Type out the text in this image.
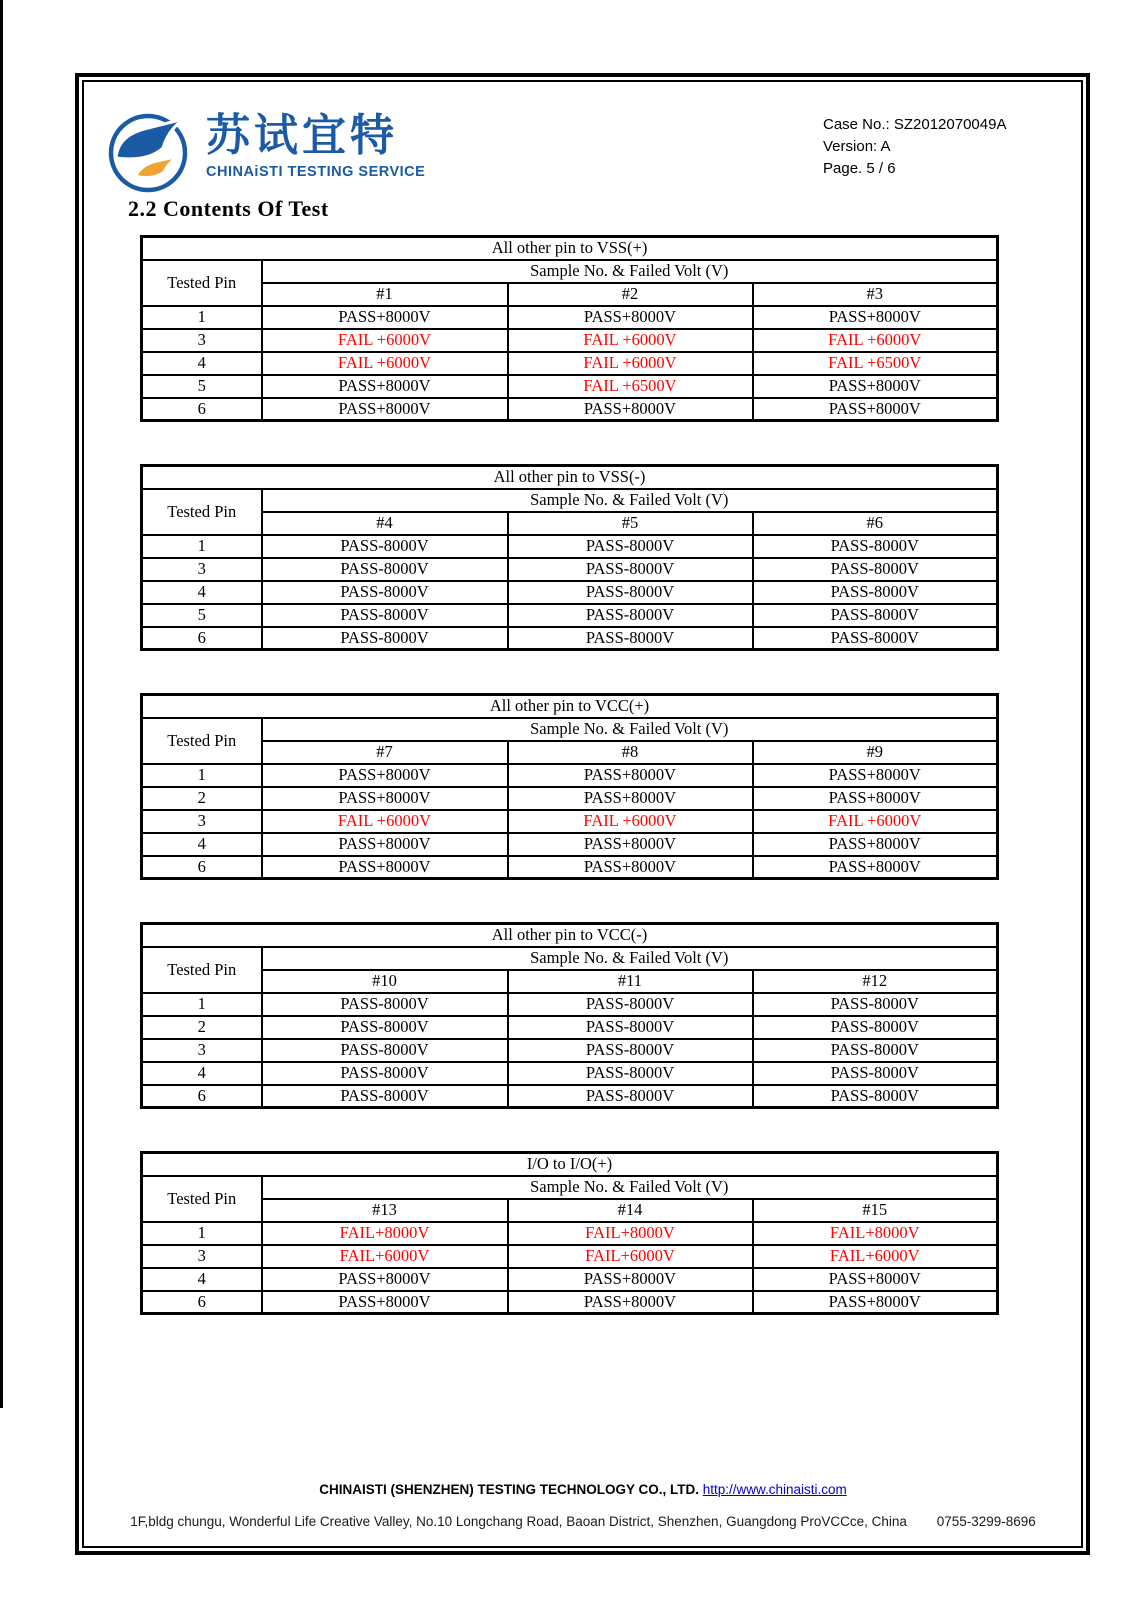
苏试宜特
CHINAiSTI TESTING SERVICE
Case No.: SZ2012070049A
Version: A
Page. 5 / 6
2.2 Contents Of Test
All other pin to VSS(+)			
Tested Pin	Sample No. & Failed Volt (V)		
	#1	#2	#3
1	PASS+8000V	PASS+8000V	PASS+8000V
3	FAIL +6000V	FAIL +6000V	FAIL +6000V
4	FAIL +6000V	FAIL +6000V	FAIL +6500V
5	PASS+8000V	FAIL +6500V	PASS+8000V
6	PASS+8000V	PASS+8000V	PASS+8000V
All other pin to VSS(-)			
Tested Pin	Sample No. & Failed Volt (V)		
	#4	#5	#6
1	PASS-8000V	PASS-8000V	PASS-8000V
3	PASS-8000V	PASS-8000V	PASS-8000V
4	PASS-8000V	PASS-8000V	PASS-8000V
5	PASS-8000V	PASS-8000V	PASS-8000V
6	PASS-8000V	PASS-8000V	PASS-8000V
All other pin to VCC(+)			
Tested Pin	Sample No. & Failed Volt (V)		
	#7	#8	#9
1	PASS+8000V	PASS+8000V	PASS+8000V
2	PASS+8000V	PASS+8000V	PASS+8000V
3	FAIL +6000V	FAIL +6000V	FAIL +6000V
4	PASS+8000V	PASS+8000V	PASS+8000V
6	PASS+8000V	PASS+8000V	PASS+8000V
All other pin to VCC(-)			
Tested Pin	Sample No. & Failed Volt (V)		
	#10	#11	#12
1	PASS-8000V	PASS-8000V	PASS-8000V
2	PASS-8000V	PASS-8000V	PASS-8000V
3	PASS-8000V	PASS-8000V	PASS-8000V
4	PASS-8000V	PASS-8000V	PASS-8000V
6	PASS-8000V	PASS-8000V	PASS-8000V
I/O to I/O(+)			
Tested Pin	Sample No. & Failed Volt (V)		
	#13	#14	#15
1	FAIL+8000V	FAIL+8000V	FAIL+8000V
3	FAIL+6000V	FAIL+6000V	FAIL+6000V
4	PASS+8000V	PASS+8000V	PASS+8000V
6	PASS+8000V	PASS+8000V	PASS+8000V
CHINAISTI (SHENZHEN) TESTING TECHNOLOGY CO., LTD. http://www.chinaisti.com
1F,bldg chungu, Wonderful Life Creative Valley, No.10 Longchang Road, Baoan District, Shenzhen, Guangdong ProVCCce, China 0755-3299-8696
